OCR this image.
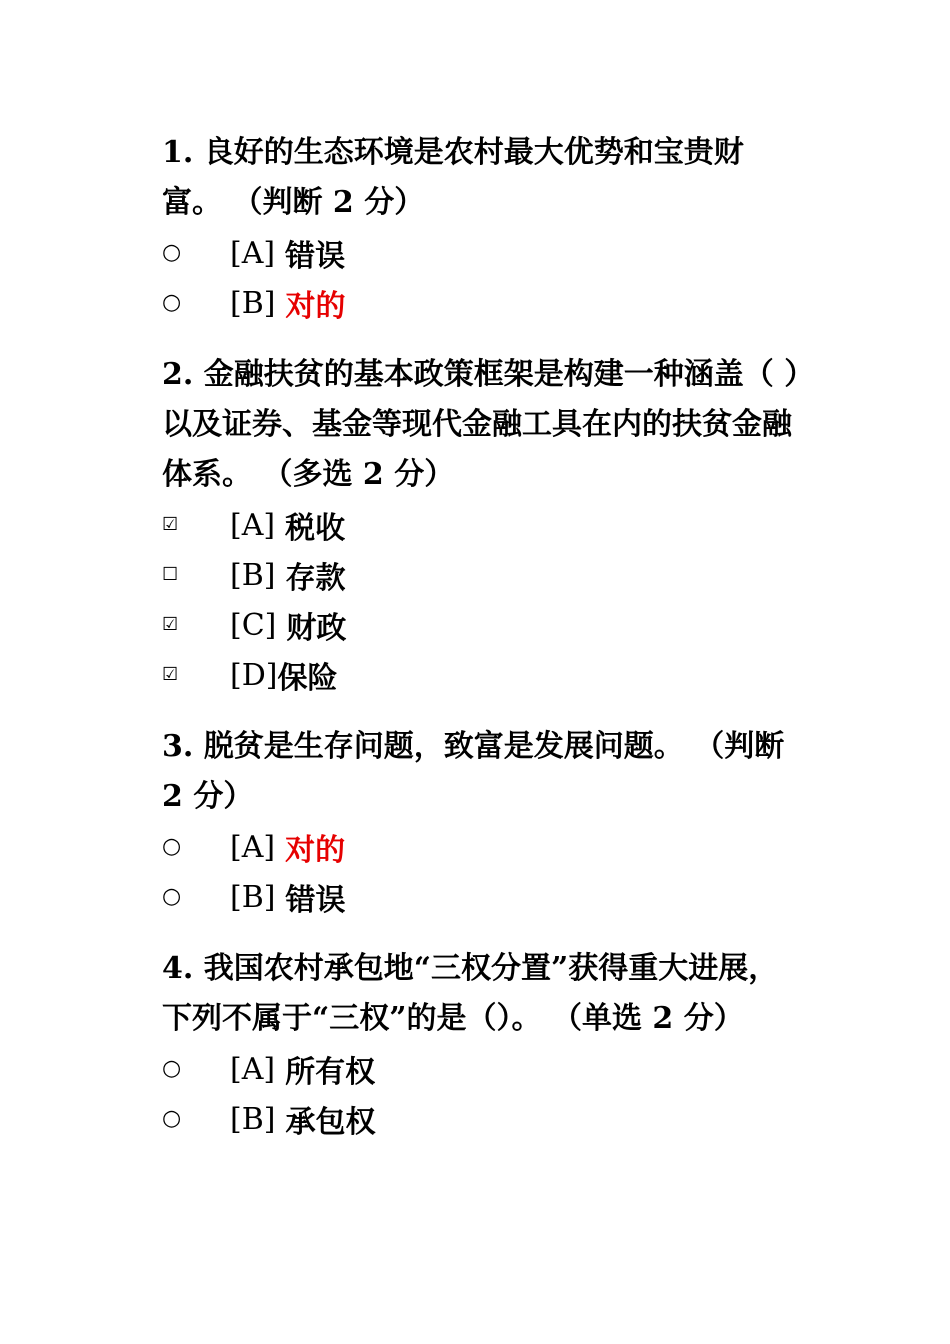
1. 良好的生态环境是农村最大优势和宝贵财富。 （判断 2 分）

○	[A] 错误
○	[B] 对的

2. 金融扶贫的基本政策框架是构建一种涵盖（ ）以及证券、基金等现代金融工具在内的扶贫金融体系。 （多选 2 分）

☑	[A] 税收
☐	[B] 存款
☑	[C] 财政
☑	[D] 保险

3. 脱贫是生存问题，致富是发展问题。 （判断 2 分）

○	[A] 对的
○	[B] 错误

4. 我国农村承包地“三权分置”获得重大进展，下列不属于“三权”的是（）。 （单选 2 分）

○	[A] 所有权
○	[B] 承包权
